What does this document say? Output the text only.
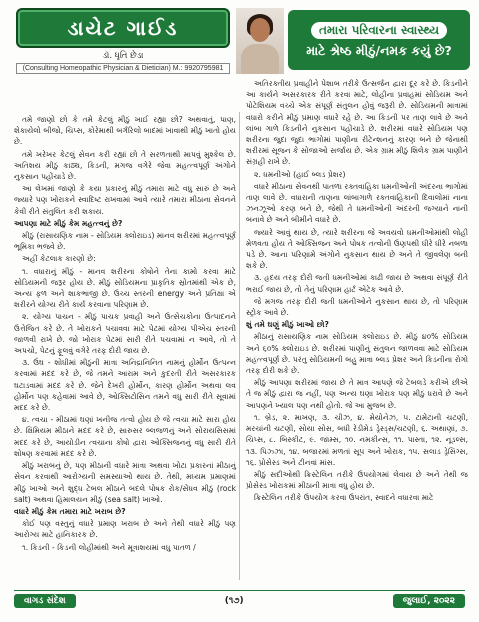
ડાયેટ ગાઈડ
ડૉ. ધૃતિ છેડા
(Consulting Homeopathic Physician & Dietician) M.: 9920795981
તમારા પરિવારના સ્વાસ્થ્ય
માટે શ્રેષ્ઠ મીઠું/નમક કયું છે?

તમે જાણો છો કે તમે કેટલું મીઠું ખાઈ રહ્યા છો? અથવાતું, પાણ, શેકાયેલો બીજો, ચિપ્સ, કોરેમાથી બર્ગરિલો બાદમાં ખાવાથી મીઠું ખાતો હોય છે.

તમે ખરેખર કેટલું સેવન કરી રહ્યાં છો તે સરળતાથી માપવું મુશ્કેલ છે. અતિશય મીઠું કાઠ્ય, કિડની, મગજ વગેરે જેવા મહત્ત્વપૂર્ણ અંગોને નુકસાન પહોંચાડે છે.

આ લેખમાં જાણો કે કયા પ્રકારનું મીઠું તમારા માટે વધુ સારું છે અને જ્યારે પણ ખોરાકને સ્વાદિષ્ટ રાખવામાં આવે ત્યારે તમારા મીઠાના સેવનને કેવી રીતે સંતુલિત કરી શકાય.

આપણા માટે મીઠું કેમ મહત્ત્વનું છે?

મીઠું (રાસાયણિક નામ - સોડિયમ ક્લોરાઇડ) માનવ શરીરમાં મહત્ત્વપૂર્ણ ભૂમિકા ભજવે છે.

અહીં કેટલાક કારણો છે:

૧. વધારાનું મીઠું - માનવ શરીરના કોષોને તેના કામો કરવા માટે સોડિયમની જરૂર હોય છે. મીઠું સોડિયમના પ્રાકૃતિક સ્રોતમાંથી એક છે, અન્ય ફળ અને શાકભાજી છે. ઉચ્ચ સ્તરની energy અને પ્રતિક્ષા એ શરીરને યોગ્ય રીતે કાર્ય કરવાના પરિણામ છે.

૨. યોગ્ય પાચન - મીઠું પાચક પ્રવાહી અને ઉત્સેચકોના ઉત્પાદનને ઉત્તેજિત કરે છે. તે ખોરાકને પચાવવા માટે પેટમાં યોગ્ય પીએચ સ્તરની જાળવી રાખે છે. જો ખોરાક પેટમાં સારી રીતે પચવામાં ન આવે, તો તે અપચો, પેટનું ફૂલવું વગેરે તરફ દોરી જાય છે.

૩. ઉંઘ - શોધીમાં મીઠુંની માત્રા અનિદ્રાનિનિત નામનું હોર્મોન ઉત્પન્ન કરવામાં મદદ કરે છે, જે તમને આરામ અને કુદરતી રીતે અસરકારક ઘટાડવામાં મદદ કરે છે. જેને દેખરી હોર્મોન, કારણ હોર્મોન અથવા લવ હોર્મોન પણ કહેવામાં આવે છે, ઓક્સિટોસિન તમને વધુ સારી રીતે સૂવામાં મદદ કરે છે.

૪. ત્વચા - મીઠામાં ઘણાં ખનીજ તત્વો હોય છે જે ત્વચા માટે સારા હોય છે. ક્ષિમિયમ મીઠાને મદદ કરે છે, સારુસર બ્લજળનું અને સોરાયસિસમાં મદદ કરે છે, આયોડીન ત્વચાના કોષો દ્વારા ઓક્સિજનનું વધુ સારી રીતે શોષણ કરવામાં મદદ કરે છે.

મીઠું ખરાબનું છે, પણ મીઠાની વધારે માત્રા અથવા ખોટા પ્રકારનાં મીઠાનું સેવન કરવાથી આરોગ્યની સમસ્યાઓ થાય છે. તેથી, મધ્યમ પ્રમાણમાં મીઠું ખાઓ અને શુદ્ધ ટેબલ મીઠાને બદલે પોષક રોક/સેંધવ મીઠું (rock salt) અથવા હિમાલયન મીઠું (sea salt) ખાઓ.

વધારે મીઠું કેમ તમારા માટે ખરાબ છે?

કોઈ પણ વસ્તુનું વધારે પ્રમાણ ખરાબ છે અને તેથી વધારે મીઠું પણ આરોગ્ય માટે હાનિકારક છે.

૧. કિડની - કિડની લોહીમાંથી અને મૂત્રાશયમાં વધુ પાતળ /

અતિરક્તીય પ્રવાહીને પેશાબ તરીકે ઉત્સર્જન દ્વારા દૂર કરે છે. કિડનીને આ કાર્યને અસરકારક રીતે કરવા માટે, લોહીના પ્રવાહમાં સોડિયમ અને પોટેશિયમ વચ્ચે એક સંપૂર્ણ સંતુલન હોવું જરૂરી છે. સોડિયમની માત્રામાં વધારો કરીને મીઠું પ્રમાણ વધારે રહે છે. આ કિડની પર તાણ લાવે છે અને લાંબા ગાળે કિડનીને નુકસાન પહોંચાડે છે. શરીરમાં વધારે સોડિયમ પણ શરીરના જુદા જુદા ભાગોમાં પાણીના રીટેન્શનનું કારણ બને છે જેનાથી શરીરમાં સૂજન કે સોજાઓ સર્જાય છે. એક ગ્રામ મીઠું શિલેક ગ્રામ પાણીને સંગ્રહી રાખે છે.

૨. ધમનીઓ (હાઈ બ્લડ પ્રેશર)

વધારે મીઠાના સેવનથી પાતળા રક્તવાહિકા ધમનીઓની અંદરના ભાગોમાં તાણ લાવે છે. વધારાની તાણના લાંબાગાળે રક્તવાહિકાની દિવાલોમાં નાના ઝનઝૂઓ કરણ બને છે, જેથી તે ધમનીઓની અંદરની જગ્યાને નાની બનાવે છે અને બીમીને વધારે છે.

જ્યારે આવું થાય છે, ત્યારે શરીરના જે અવયવો ધમનીઓમાંથી લોહી મેળવતા હોય તે ઓક્સિજન અને પોષક તત્વોની ઉણપથી ધીરે ધીરે નબળા પડે છે. આના પરિણામે અંગોને નુકસાન થાય છે અને તે જીવલેણ બની શકે છે.

૩. હૃદય તરફ દોરી જતી ધમનીઓમાં કાઢી જાય છે અથવા સંપૂર્ણ રીતે ભરાઈ જાય છે, તો તેનું પરિણામ હાર્ટ એટેક આવે છે.

જે મગજ તરફ દોરી જતી ધમનીઓને નુકસાન થાય છે, તો પરિણામ સ્ટ્રોક આવે છે.

શું તમે ઘણું મીઠું ખાઓ છો?

મીઠાનું રાસાયણિક નામ સોડિયમ ક્લોરાઇડ છે. મીઠું ૪૦% સોડિયમ અને ૬૦% ક્લોરાઇડ છે. શરીરમાં પાણીનું સંતુલન જાળવવા માટે સોડિયમ મહત્ત્વપૂર્ણ છે. પરંતુ સોડિયમની બહુ માત્રા બ્લડ પ્રેશર અને કિડનીના રોગો તરફ દોરી શકે છે.

મીઠું આપણા શરીરમાં જાય છે તે માત્ર આપણે જે ટેબલડે કરીએ છીએ તે જ મીઠું દ્વારા જ નહીં, પણ અન્ય ઘણા ખોરાક પણ મીઠું ધરાવે છે અને આપણને ખ્યાલ પણ નથી હોતો. જે આ મુજબ છે.

૧. બ્રેડ, ૨. માખણ, ૩. ચીઝ, ૪. મેયોનેઝ, ૫. ટામેટાની ચટણી, મરચાંની ચટણી, સોયા સોસ, બધી રેડીમેડ ડ્રેસ્ડ્સ/ચટણી, ૬. અથાણાં, ૭. ચિપ્સ, ૮. બિસ્કીટ, ૯. જામ્સ, ૧૦. નમકીન્સ, ૧૧. પાસ્તા, ૧૨. નૂડલ્સ, ૧૩. પિઝ્ઝા, ૧૪. બજારમાં મળતાં સૂપ અને ખોરાક, ૧૫. સલાડ ડ્રેસિંગ્સ, ૧૬. પ્રોસેસ્ડ અને ટીનવાં માંસ.

મીઠું સદીઓથી ક્રિસ્ટેલિન તરીકે ઉપયોગમાં લેવાય છે અને તેથી જ પ્રોસેસ્ડ ખોરાકમાં મીઠાની માત્રા વધુ હોય છે.

ક્રિસ્ટેલિન તરીકે ઉપયોગ કરવા ઉપરાંત, સ્વાદને વધારવા માટે

વાગડ સંદેશ	(૧૭)	જુલાઈ, ૨૦૨૨
